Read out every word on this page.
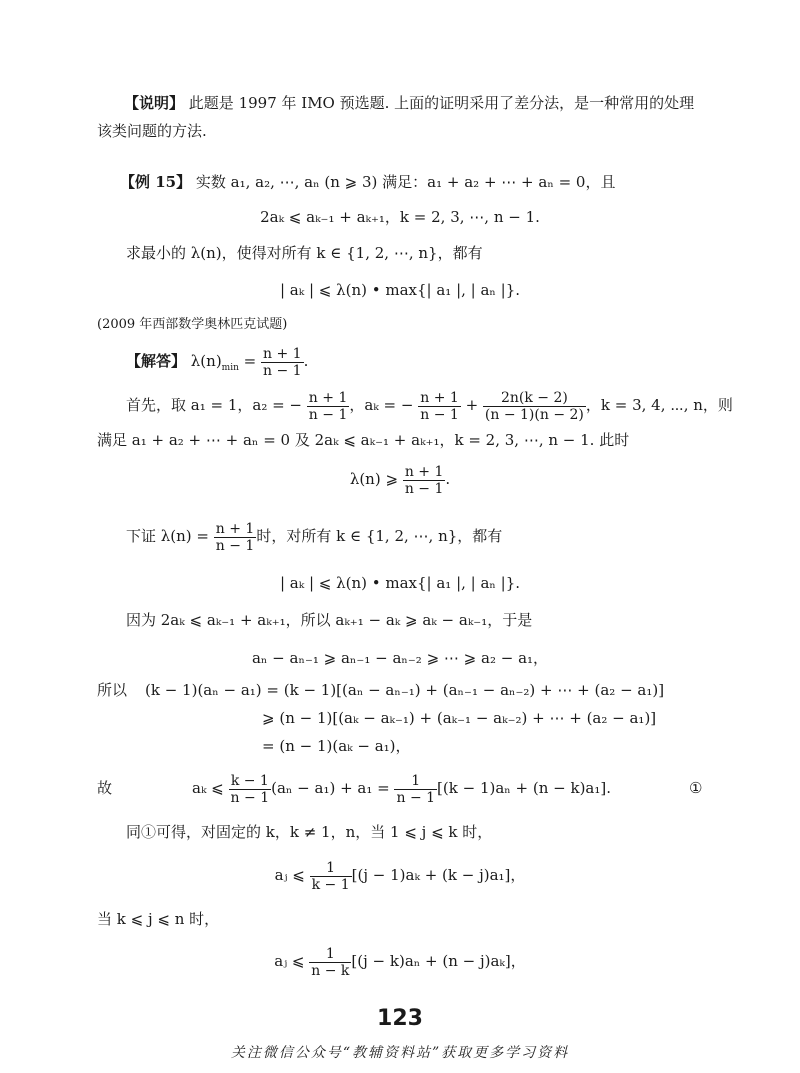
【说明】 此题是 1997 年 IMO 预选题. 上面的证明采用了差分法，是一种常用的处理
该类问题的方法.
【例 15】 实数 a₁, a₂, ⋯, aₙ (n ⩾ 3) 满足：a₁ + a₂ + ⋯ + aₙ = 0，且
2aₖ ⩽ aₖ₋₁ + aₖ₊₁，k = 2, 3, ⋯, n − 1.
求最小的 λ(n)，使得对所有 k ∈ {1, 2, ⋯, n}，都有
| aₖ | ⩽ λ(n) • max{| a₁ |, | aₙ |}.
(2009 年西部数学奥林匹克试题)
【解答】 $\lambda(n)_{min} = \frac{n + 1}{n - 1}$ .
首先，取 a₁ = 1，a₂ = − $\frac{n + 1}{n - 1}$ ，aₖ = − $\frac{n + 1}{n - 1} + \frac{2n(k - 2)}{(n - 1)(n - 2)}$ ，k = 3, 4, ⋯, n，则
满足 a₁ + a₂ + ⋯ + aₙ = 0 及 2aₖ ⩽ aₖ₋₁ + aₖ₊₁，k = 2, 3, ⋯, n − 1. 此时
λ(n) ⩾ $\frac{n + 1}{n - 1}$ .
下证 $\lambda(n) = \frac{n + 1}{n - 1}$ 时，对所有 k ∈ {1, 2, ⋯, n}，都有
| aₖ | ⩽ λ(n) • max{| a₁ |, | aₙ |}.
因为 2aₖ ⩽ aₖ₋₁ + aₖ₊₁，所以 aₖ₊₁ − aₖ ⩾ aₖ − aₖ₋₁，于是
aₙ − aₙ₋₁ ⩾ aₙ₋₁ − aₙ₋₂ ⩾ ⋯ ⩾ a₂ − a₁，
所以 (k − 1)(aₙ − a₁) = (k − 1)[(aₙ − aₙ₋₁) + (aₙ₋₁ − aₙ₋₂) + ⋯ + (a₂ − a₁)]
⩾ (n − 1)[(aₖ − aₖ₋₁) + (aₖ₋₁ − aₖ₋₂) + ⋯ + (a₂ − a₁)]
= (n − 1)(aₖ − a₁)，
故	aₖ ⩽ $\frac{k - 1}{n - 1} (a_n - a_1) + a_1 = \frac{1}{n - 1} [(k - 1)a_n + (n - k)a_1]$.	①
同①可得，对固定的 k，k ≠ 1，n，当 1 ⩽ j ⩽ k 时，
aⱼ ⩽ $\frac{1}{k - 1} [(j - 1)a_k + (k - j)a_1]$，
当 k ⩽ j ⩽ n 时，
aⱼ ⩽ $\frac{1}{n - k} [(j - k)a_n + (n - j)a_k]$，
123
关注微信公众号“教辅资料站”获取更多学习资料
